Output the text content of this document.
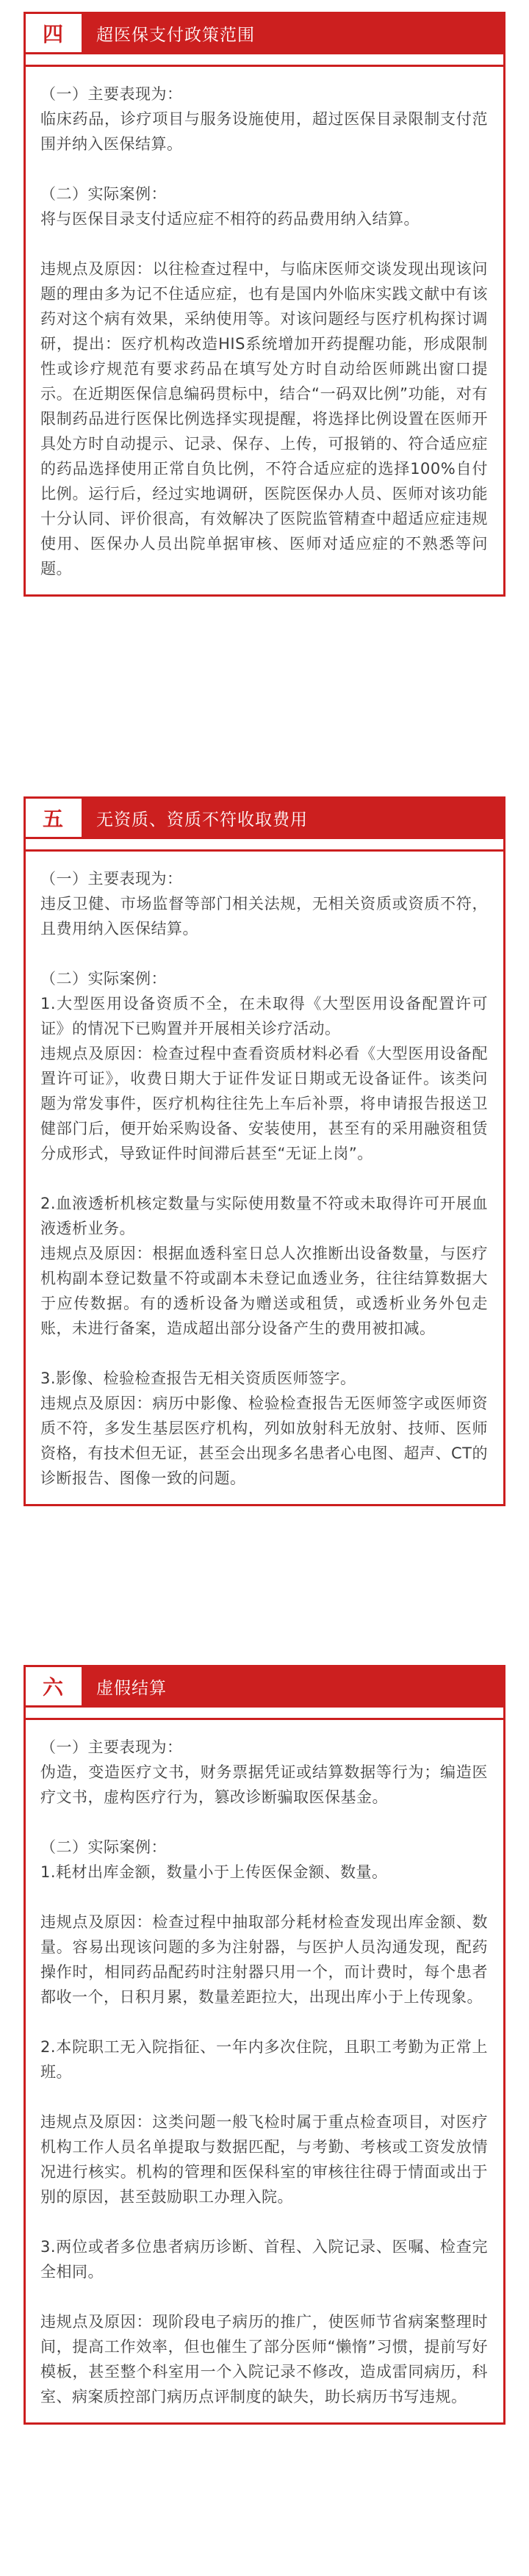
四	超医保支付政策范围

（一）主要表现为：

临床药品，诊疗项目与服务设施使用，超过医保目录限制支付范围并纳入医保结算。

（二）实际案例：

将与医保目录支付适应症不相符的药品费用纳入结算。

违规点及原因：以往检查过程中，与临床医师交谈发现出现该问题的理由多为记不住适应症，也有是国内外临床实践文献中有该药对这个病有效果，采纳使用等。对该问题经与医疗机构探讨调研，提出：医疗机构改造HIS系统增加开药提醒功能，形成限制性或诊疗规范有要求药品在填写处方时自动给医师跳出窗口提示。在近期医保信息编码贯标中，结合“一码双比例”功能，对有限制药品进行医保比例选择实现提醒，将选择比例设置在医师开具处方时自动提示、记录、保存、上传，可报销的、符合适应症的药品选择使用正常自负比例，不符合适应症的选择100%自付比例。运行后，经过实地调研，医院医保办人员、医师对该功能十分认同、评价很高，有效解决了医院监管精查中超适应症违规使用、医保办人员出院单据审核、医师对适应症的不熟悉等问题。

五	无资质、资质不符收取费用

（一）主要表现为：

违反卫健、市场监督等部门相关法规，无相关资质或资质不符，且费用纳入医保结算。

（二）实际案例：

1.大型医用设备资质不全，在未取得《大型医用设备配置许可证》的情况下已购置并开展相关诊疗活动。

违规点及原因：检查过程中查看资质材料必看《大型医用设备配置许可证》，收费日期大于证件发证日期或无设备证件。该类问题为常发事件，医疗机构往往先上车后补票，将申请报告报送卫健部门后，便开始采购设备、安装使用，甚至有的采用融资租赁分成形式，导致证件时间滞后甚至“无证上岗”。

2.血液透析机核定数量与实际使用数量不符或未取得许可开展血液透析业务。

违规点及原因：根据血透科室日总人次推断出设备数量，与医疗机构副本登记数量不符或副本未登记血透业务，往往结算数据大于应传数据。有的透析设备为赠送或租赁，或透析业务外包走账，未进行备案，造成超出部分设备产生的费用被扣减。

3.影像、检验检查报告无相关资质医师签字。

违规点及原因：病历中影像、检验检查报告无医师签字或医师资质不符，多发生基层医疗机构，列如放射科无放射、技师、医师资格，有技术但无证，甚至会出现多名患者心电图、超声、CT的诊断报告、图像一致的问题。

六	虚假结算

（一）主要表现为：

伪造，变造医疗文书，财务票据凭证或结算数据等行为；编造医疗文书，虚构医疗行为，篡改诊断骗取医保基金。

（二）实际案例：

1.耗材出库金额，数量小于上传医保金额、数量。

违规点及原因：检查过程中抽取部分耗材检查发现出库金额、数量。容易出现该问题的多为注射器，与医护人员沟通发现，配药操作时，相同药品配药时注射器只用一个，而计费时，每个患者都收一个，日积月累，数量差距拉大，出现出库小于上传现象。

2.本院职工无入院指征、一年内多次住院，且职工考勤为正常上班。

违规点及原因：这类问题一般飞检时属于重点检查项目，对医疗机构工作人员名单提取与数据匹配，与考勤、考核或工资发放情况进行核实。机构的管理和医保科室的审核往往碍于情面或出于别的原因，甚至鼓励职工办理入院。

3.两位或者多位患者病历诊断、首程、入院记录、医嘱、检查完全相同。

违规点及原因：现阶段电子病历的推广，使医师节省病案整理时间，提高工作效率，但也催生了部分医师“懒惰”习惯，提前写好模板，甚至整个科室用一个入院记录不修改，造成雷同病历，科室、病案质控部门病历点评制度的缺失，助长病历书写违规。
